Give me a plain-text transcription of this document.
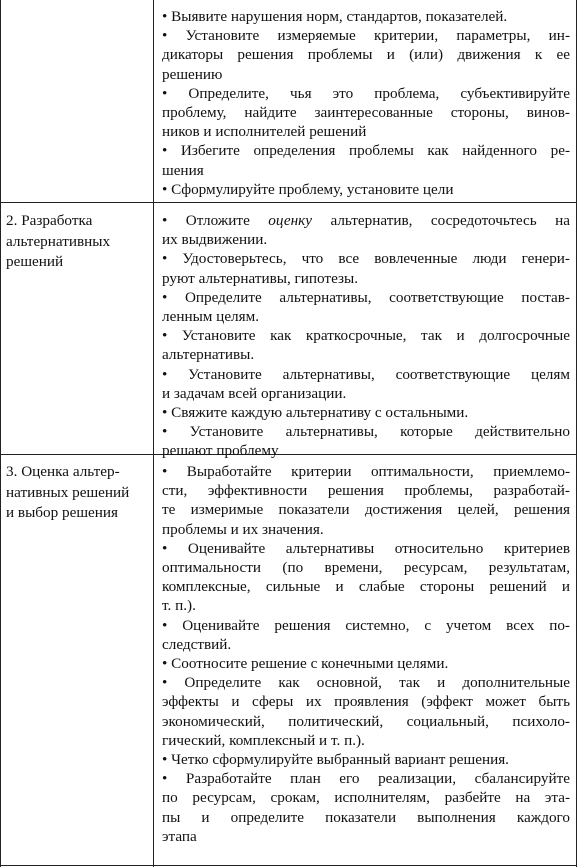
• Выявите нарушения норм, стандартов, показателей.
• Установите измеряемые критерии, параметры, ин-
дикаторы решения проблемы и (или) движения к ее
решению
• Определите, чья это проблема, субъективируйте
проблему, найдите заинтересованные стороны, винов-
ников и исполнителей решений
• Избегите определения проблемы как найденного ре-
шения
• Сформулируйте проблему, установите цели
2. Разработка
альтернативных
решений
• Отложите оценку альтернатив, сосредоточьтесь на
их выдвижении.
• Удостоверьтесь, что все вовлеченные люди генери-
руют альтернативы, гипотезы.
• Определите альтернативы, соответствующие постав-
ленным целям.
• Установите как краткосрочные, так и долгосрочные
альтернативы.
• Установите альтернативы, соответствующие целям
и задачам всей организации.
• Свяжите каждую альтернативу с остальными.
• Установите альтернативы, которые действительно
решают проблему
3. Оценка альтер-
нативных решений
и выбор решения
• Выработайте критерии оптимальности, приемлемо-
сти, эффективности решения проблемы, разработай-
те измеримые показатели достижения целей, решения
проблемы и их значения.
• Оценивайте альтернативы относительно критериев
оптимальности (по времени, ресурсам, результатам,
комплексные, сильные и слабые стороны решений и
т. п.).
• Оценивайте решения системно, с учетом всех по-
следствий.
• Соотносите решение с конечными целями.
• Определите как основной, так и дополнительные
эффекты и сферы их проявления (эффект может быть
экономический, политический, социальный, психоло-
гический, комплексный и т. п.).
• Четко сформулируйте выбранный вариант решения.
• Разработайте план его реализации, сбалансируйте
по ресурсам, срокам, исполнителям, разбейте на эта-
пы и определите показатели выполнения каждого
этапа
